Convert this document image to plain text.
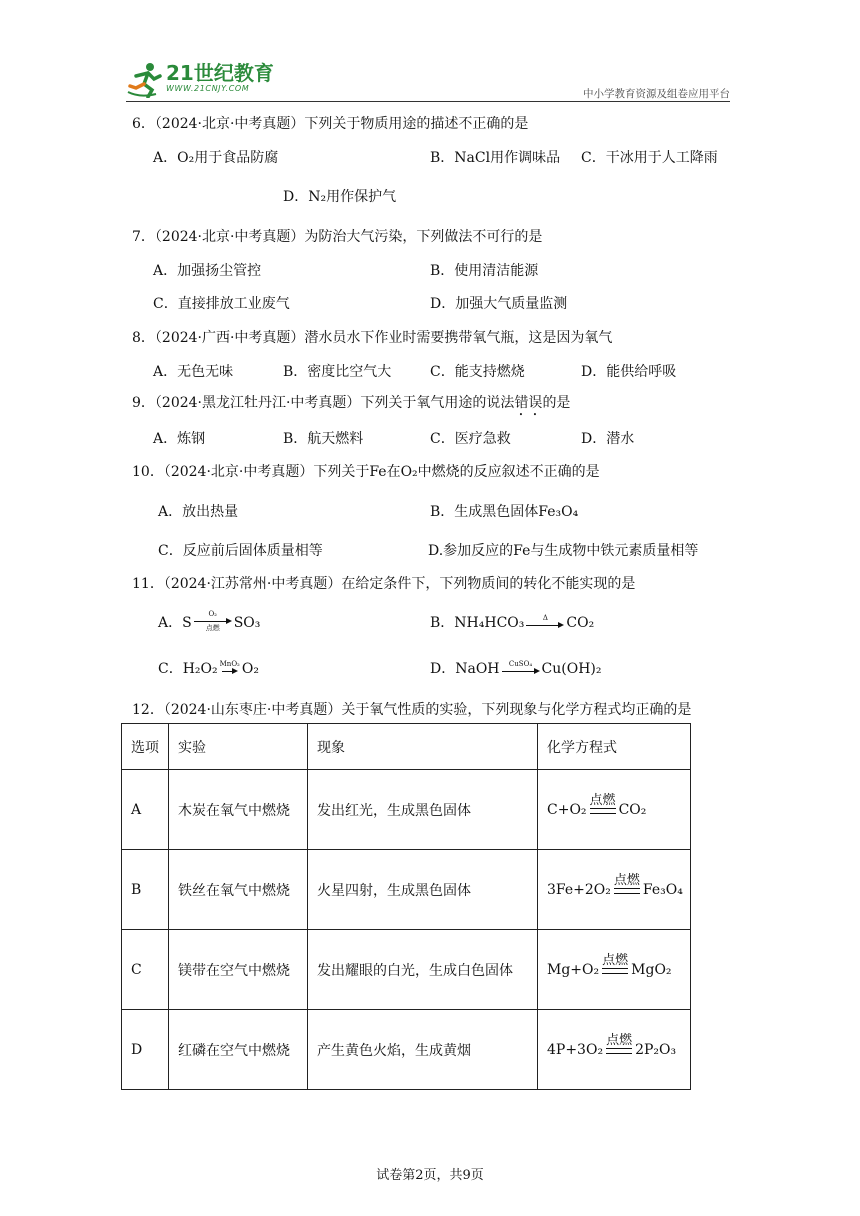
21世纪教育
WWW.21CNJY.COM	中小学教育资源及组卷应用平台
6．（2024·北京·中考真题）下列关于物质用途的描述不正确的是
A．O₂用于食品防腐	B．NaCl用作调味品 C．干冰用于人工降雨
D．N₂用作保护气
7．（2024·北京·中考真题）为防治大气污染，下列做法不可行的是
A．加强扬尘管控	B．使用清洁能源
C．直接排放工业废气	D．加强大气质量监测
8．（2024·广西·中考真题）潜水员水下作业时需要携带氧气瓶，这是因为氧气
A．无色无味	B．密度比空气大	C．能支持燃烧	D．能供给呼吸
9．（2024·黑龙江牡丹江·中考真题）下列关于氧气用途的说法错误的是
A．炼钢	B．航天燃料	C．医疗急救	D．潜水
10．（2024·北京·中考真题）下列关于Fe在O₂中燃烧的反应叙述不正确的是
A．放出热量	B．生成黑色固体Fe₃O₄
C．反应前后固体质量相等	D.参加反应的Fe与生成物中铁元素质量相等
11．（2024·江苏常州·中考真题）在给定条件下，下列物质间的转化不能实现的是
A．S
O₂
点燃 SO₃	B．NH₄HCO₃	Δ CO₂
C．H₂O₂ MnO₂ O₂	D．NaOH CuSO₄ Cu(OH)₂
12．（2024·山东枣庄·中考真题）关于氧气性质的实验，下列现象与化学方程式均正确的是
选项	实验	现象	化学方程式
A	木炭在氧气中燃烧	发出红光，生成黑色固体	C+O₂
点燃
CO₂
B	铁丝在氧气中燃烧	火星四射，生成黑色固体	3Fe+2O₂
点燃
Fe₃O₄
C	镁带在空气中燃烧	发出耀眼的白光，生成白色固体	Mg+O₂
点燃
MgO₂
D	红磷在空气中燃烧	产生黄色火焰，生成黄烟	4P+3O₂
点燃
2P₂O₃
试卷第2页，共9页
